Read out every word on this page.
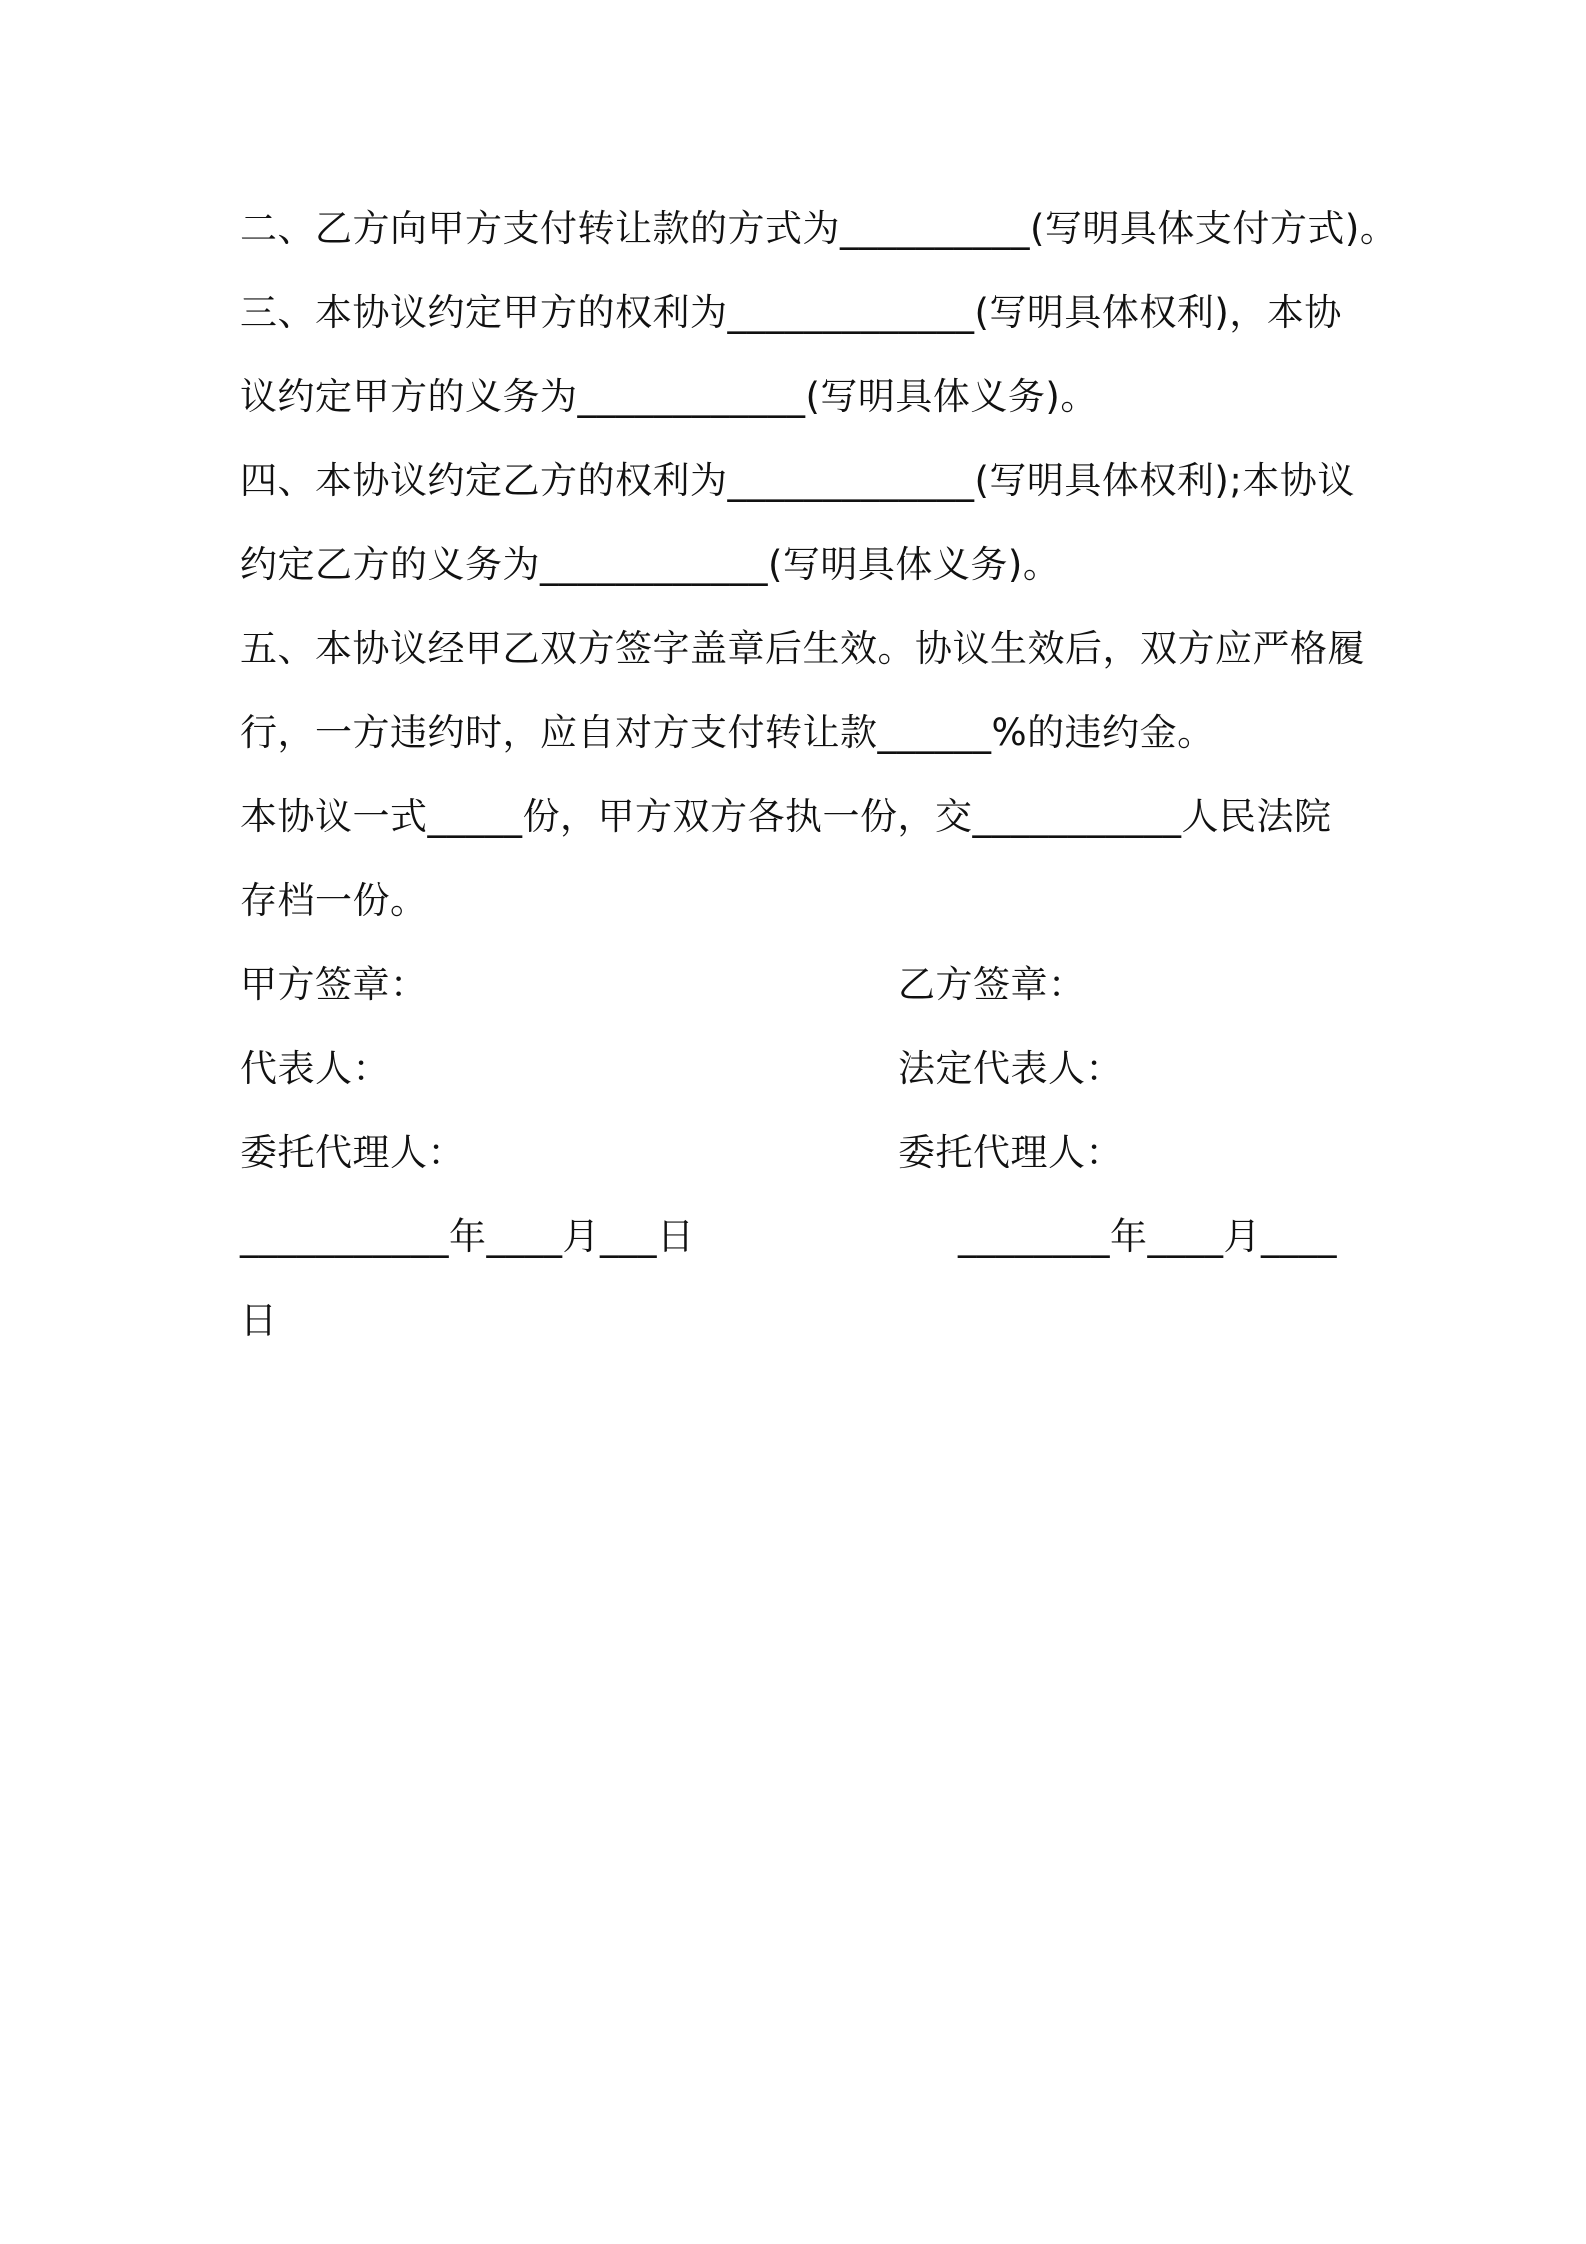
二、乙方向甲方支付转让款的方式为__________(写明具体支付方式)。
三、本协议约定甲方的权利为_____________(写明具体权利)，本协
议约定甲方的义务为____________(写明具体义务)。
四、本协议约定乙方的权利为_____________(写明具体权利);本协议
约定乙方的义务为____________(写明具体义务)。
五、本协议经甲乙双方签字盖章后生效。协议生效后，双方应严格履
行，一方违约时，应自对方支付转让款______%的违约金。
本协议一式_____份，甲方双方各执一份，交___________人民法院
存档一份。
甲方签章：	乙方签章：
代表人：	法定代表人：
委托代理人：	委托代理人：
___________年____月___日	________年____月____
日
